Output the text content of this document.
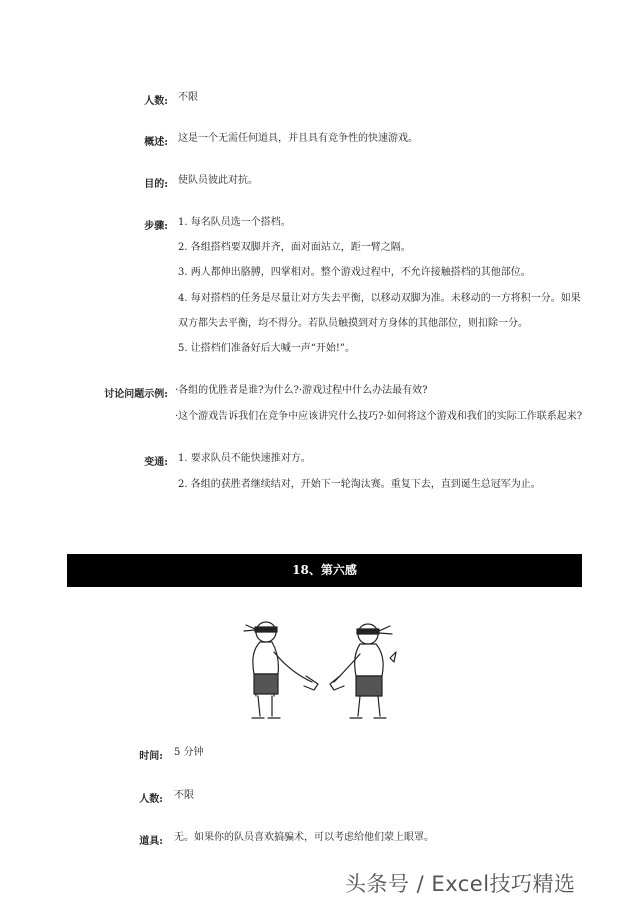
人数: 不限
概述: 这是一个无需任何道具，并且具有竞争性的快速游戏。
目的: 使队员彼此对抗。
步骤: 1. 每名队员选一个搭档。
2. 各组搭档要双脚并齐，面对面站立，距一臂之隔。
3. 两人都伸出胳膊，四掌相对。整个游戏过程中，不允许接触搭档的其他部位。
4. 每对搭档的任务是尽量让对方失去平衡，以移动双脚为准。未移动的一方将积一分。如果
双方都失去平衡，均不得分。若队员触摸到对方身体的其他部位，则扣除一分。
5. 让搭档们准备好后大喊一声“开始!”。
讨论问题示例: ·各组的优胜者是谁?为什么?·游戏过程中什么办法最有效?
·这个游戏告诉我们在竞争中应该讲究什么技巧?·如何将这个游戏和我们的实际工作联系起来?
变通: 1. 要求队员不能快速推对方。
2. 各组的获胜者继续结对，开始下一轮淘汰赛。重复下去，直到诞生总冠军为止。
18、第六感
时间: 5 分钟
人数: 不限
道具: 无。如果你的队员喜欢搞骗术，可以考虑给他们蒙上眼罩。
头条号 / Excel技巧精选
